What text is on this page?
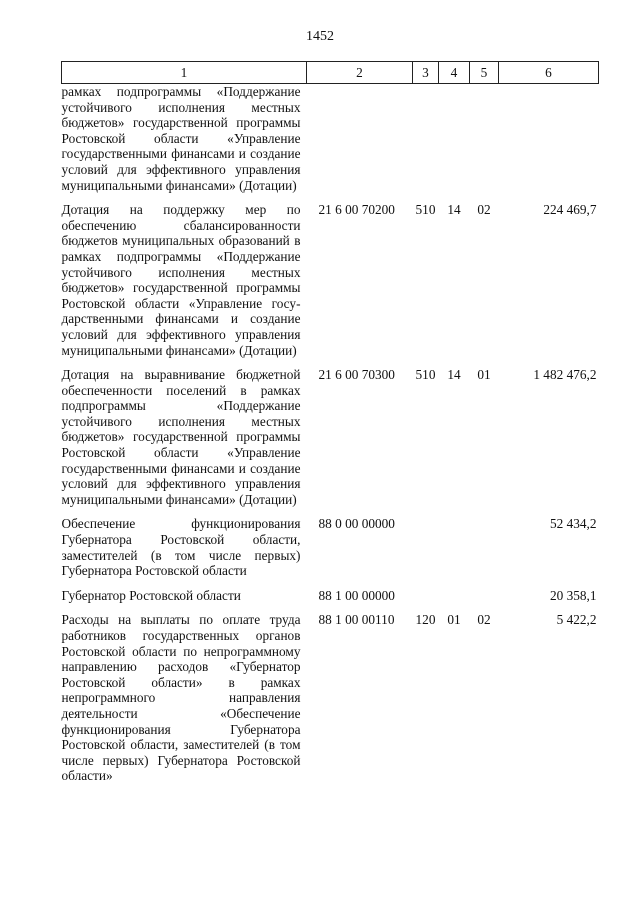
1452
1	2	3	4	5	6
рамках подпрограммы «Поддержание устойчивого исполнения местных бюджетов» государственной программы Ростовской области «Управление государственными финансами и создание условий для эффективного управления муниципальными финансами» (Дотации)					
Дотация на поддержку мер по обеспечению сбалансированности бюджетов муниципальных образований в рамках подпрограммы «Поддержание устойчивого исполнения местных бюджетов» государственной программы Ростовской области «Управление государственными финансами и создание условий для эффективного управления муниципальными финансами» (Дотации)	21 6 00 70200	510	14	02	224 469,7
Дотация на выравнивание бюджетной обеспеченности поселений в рамках подпрограммы «Поддержание устойчивого исполнения местных бюджетов» государственной программы Ростовской области «Управление государственными финансами и создание условий для эффективного управления муниципальными финансами» (Дотации)	21 6 00 70300	510	14	01	1 482 476,2
Обеспечение функционирования Губернатора Ростовской области, заместителей (в том числе первых) Губернатора Ростовской области	88 0 00 00000				52 434,2
Губернатор Ростовской области	88 1 00 00000				20 358,1
Расходы на выплаты по оплате труда работников государственных органов Ростовской области по непрограммному направлению расходов «Губернатор Ростовской области» в рамках непрограммного направления деятельности «Обеспечение функционирования Губернатора Ростовской области, заместителей (в том числе первых) Губернатора Ростовской области»	88 1 00 00110	120	01	02	5 422,2
